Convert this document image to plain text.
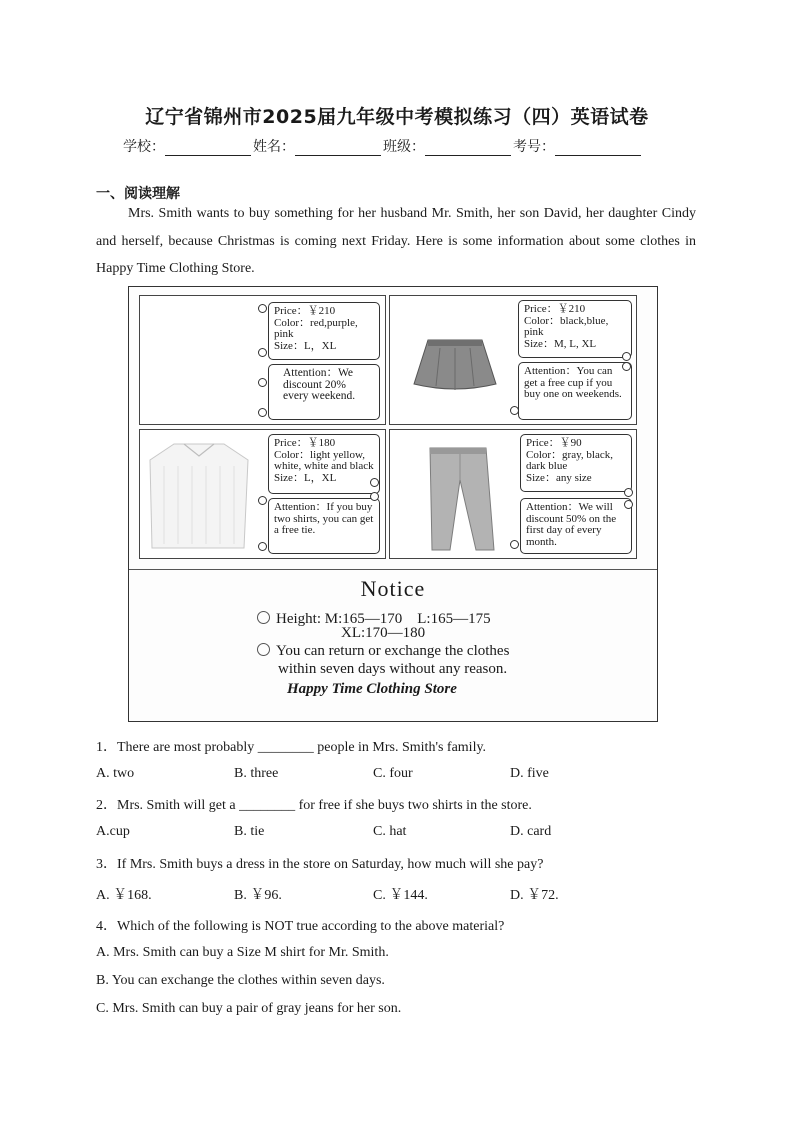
辽宁省锦州市2025届九年级中考模拟练习（四）英语试卷
学校：	姓名：	班级：	考号：
一、阅读理解
Mrs. Smith wants to buy something for her husband Mr. Smith, her son David, her daughter Cindy and herself, because Christmas is coming next Friday. Here is some information about some clothes in Happy Time Clothing Store.
Price：￥210
Color：red,purple, pink
Size：L，XL
Attention：We discount 20% every weekend.
Price：￥210
Color：black,blue, pink
Size：M, L, XL
Attention：You can get a free cup if you buy one on weekends.
Price：￥180
Color：light yellow, white, white and black
Size：L，XL
Attention：If you buy two shirts, you can get a free tie.
Price：￥90
Color：gray, black, dark blue
Size：any size
Attention：We will discount 50% on the first day of every month.
Notice
Height: M:165—170　L:165—175
XL:170—180
You can return or exchange the clothes
within seven days without any reason.
Happy Time Clothing Store
1．There are most probably ________ people in Mrs. Smith's family.
A. two	B. three	C. four	D. five
2．Mrs. Smith will get a ________ for free if she buys two shirts in the store.
A.cup	B. tie	C. hat	D. card
3．If Mrs. Smith buys a dress in the store on Saturday, how much will she pay?
A. ￥168.	B. ￥96.	C. ￥144.	D. ￥72.
4．Which of the following is NOT true according to the above material?
A. Mrs. Smith can buy a Size M shirt for Mr. Smith.
B. You can exchange the clothes within seven days.
C. Mrs. Smith can buy a pair of gray jeans for her son.
